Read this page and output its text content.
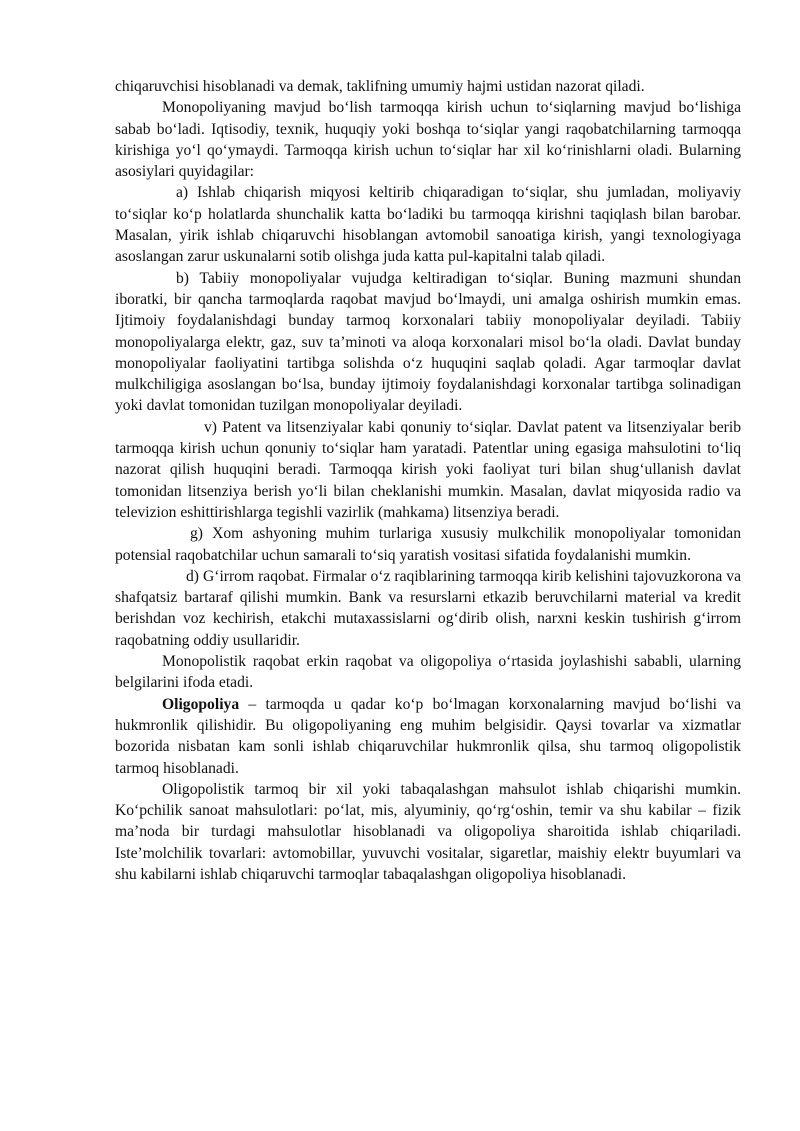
chiqaruvchisi hisoblanadi va demak, taklifning umumiy hajmi ustidan nazorat qiladi.

Monopoliyaning mavjud bo‘lish tarmoqqa kirish uchun to‘siqlarning mavjud bo‘lishiga sabab bo‘ladi. Iqtisodiy, texnik, huquqiy yoki boshqa to‘siqlar yangi raqobatchilarning tarmoqqa kirishiga yo‘l qo‘ymaydi. Tarmoqqa kirish uchun to‘siqlar har xil ko‘rinishlarni oladi. Bularning asosiylari quyidagilar:

a) Ishlab chiqarish miqyosi keltirib chiqaradigan to‘siqlar, shu jumladan, moliyaviy to‘siqlar ko‘p holatlarda shunchalik katta bo‘ladiki bu tarmoqqa kirishni taqiqlash bilan barobar. Masalan, yirik ishlab chiqaruvchi hisoblangan avtomobil sanoatiga kirish, yangi texnologiyaga asoslangan zarur uskunalarni sotib olishga juda katta pul-kapitalni talab qiladi.

b) Tabiiy monopoliyalar vujudga keltiradigan to‘siqlar. Buning mazmuni shundan iboratki, bir qancha tarmoqlarda raqobat mavjud bo‘lmaydi, uni amalga oshirish mumkin emas. Ijtimoiy foydalanishdagi bunday tarmoq korxonalari tabiiy monopoliyalar deyiladi. Tabiiy monopoliyalarga elektr, gaz, suv ta’minoti va aloqa korxonalari misol bo‘la oladi. Davlat bunday monopoliyalar faoliyatini tartibga solishda o‘z huquqini saqlab qoladi. Agar tarmoqlar davlat mulkchiligiga asoslangan bo‘lsa, bunday ijtimoiy foydalanishdagi korxonalar tartibga solinadigan yoki davlat tomonidan tuzilgan monopoliyalar deyiladi.

v) Patent va litsenziyalar kabi qonuniy to‘siqlar. Davlat patent va litsenziyalar berib tarmoqqa kirish uchun qonuniy to‘siqlar ham yaratadi. Patentlar uning egasiga mahsulotini to‘liq nazorat qilish huquqini beradi. Tarmoqqa kirish yoki faoliyat turi bilan shug‘ullanish davlat tomonidan litsenziya berish yo‘li bilan cheklanishi mumkin. Masalan, davlat miqyosida radio va televizion eshittirishlarga tegishli vazirlik (mahkama) litsenziya beradi.

g) Xom ashyoning muhim turlariga xususiy mulkchilik monopoliyalar tomonidan potensial raqobatchilar uchun samarali to‘siq yaratish vositasi sifatida foydalanishi mumkin.

d) G‘irrom raqobat. Firmalar o‘z raqiblarining tarmoqqa kirib kelishini tajovuzkorona va shafqatsiz bartaraf qilishi mumkin. Bank va resurslarni etkazib beruvchilarni material va kredit berishdan voz kechirish, etakchi mutaxassislarni og‘dirib olish, narxni keskin tushirish g‘irrom raqobatning oddiy usullaridir.

Monopolistik raqobat erkin raqobat va oligopoliya o‘rtasida joylashishi sababli, ularning belgilarini ifoda etadi.

Oligopoliya – tarmoqda u qadar ko‘p bo‘lmagan korxonalarning mavjud bo‘lishi va hukmronlik qilishidir. Bu oligopoliyaning eng muhim belgisidir. Qaysi tovarlar va xizmatlar bozorida nisbatan kam sonli ishlab chiqaruvchilar hukmronlik qilsa, shu tarmoq oligopolistik tarmoq hisoblanadi.

Oligopolistik tarmoq bir xil yoki tabaqalashgan mahsulot ishlab chiqarishi mumkin. Ko‘pchilik sanoat mahsulotlari: po‘lat, mis, alyuminiy, qo‘rg‘oshin, temir va shu kabilar – fizik ma’noda bir turdagi mahsulotlar hisoblanadi va oligopoliya sharoitida ishlab chiqariladi. Iste’molchilik tovarlari: avtomobillar, yuvuvchi vositalar, sigaretlar, maishiy elektr buyumlari va shu kabilarni ishlab chiqaruvchi tarmoqlar tabaqalashgan oligopoliya hisoblanadi.
